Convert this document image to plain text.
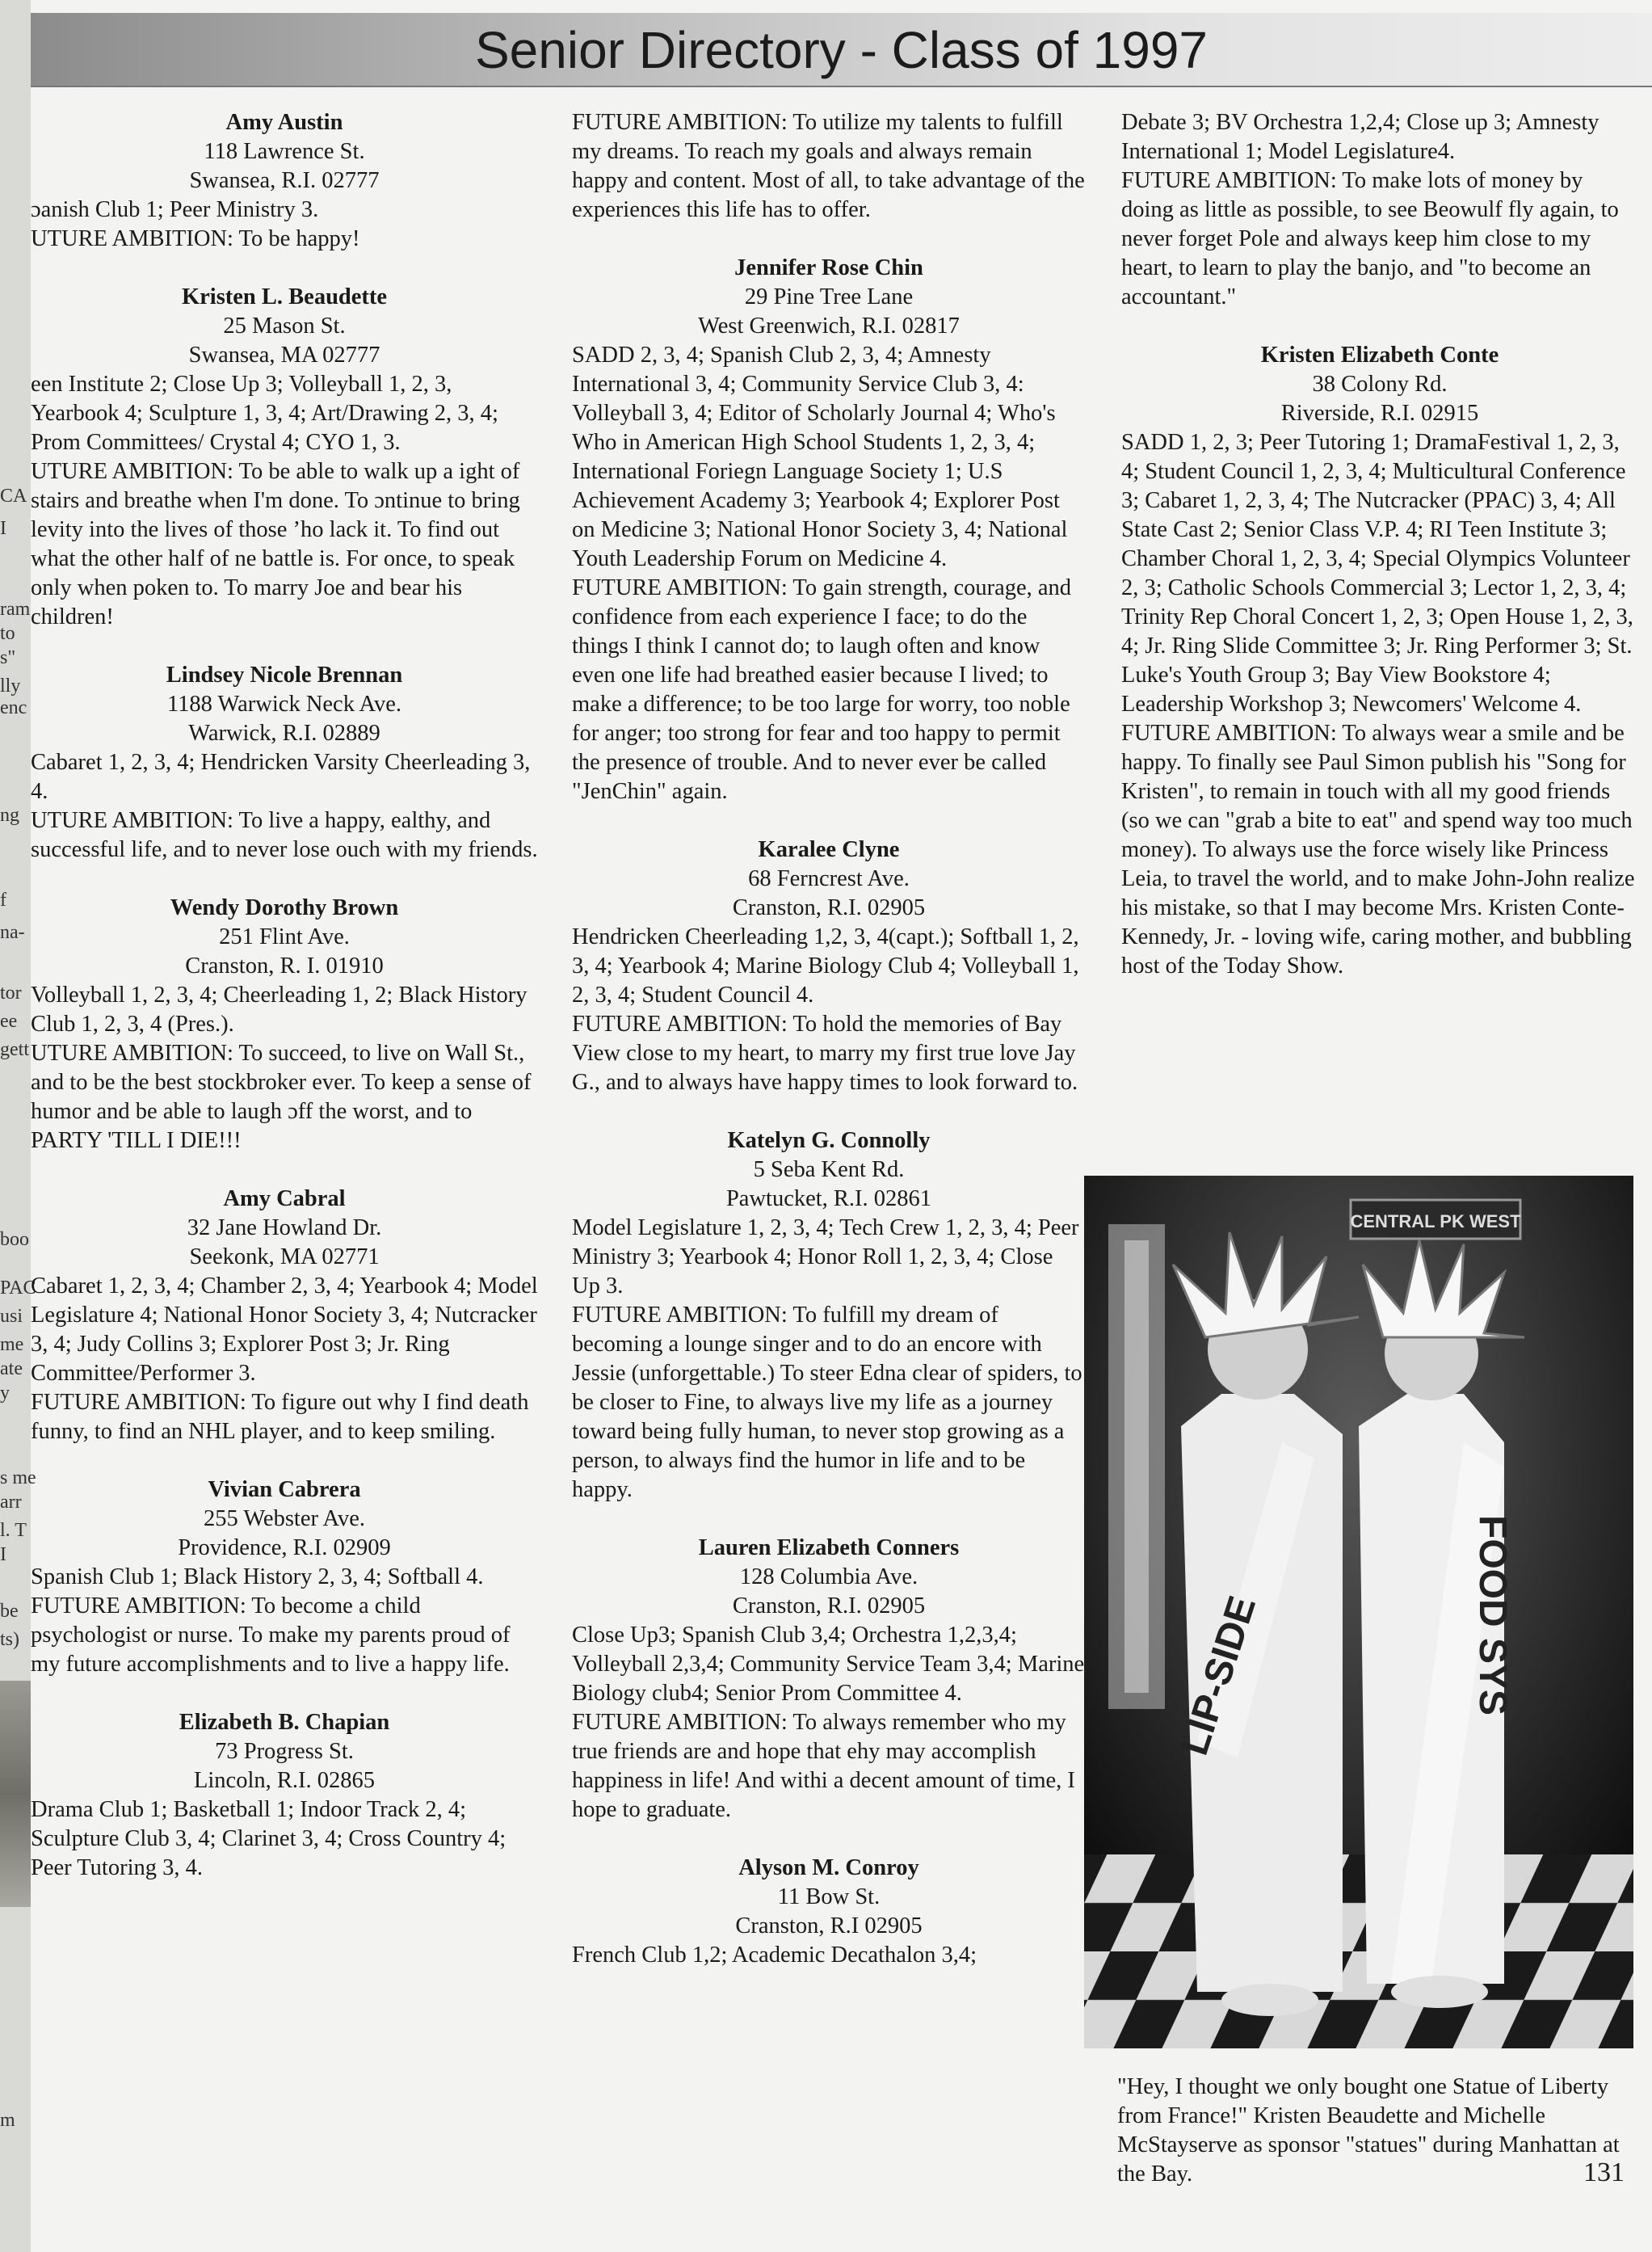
CA
I
ram
to
s"
lly
enc
ng
f
na-
tor
ee
gett
boo
PAC
usi
me
ate
y
s me
arr
l. T
I
be
ts)
m
Senior Directory - Class of 1997
Amy Austin
118 Lawrence St.
Swansea, R.I. 02777

ɔanish Club 1; Peer Ministry 3.

UTURE AMBITION: To be happy!

Kristen L. Beaudette
25 Mason St.
Swansea, MA 02777

een Institute 2; Close Up 3; Volleyball 1, 2, 3, Yearbook 4; Sculpture 1, 3, 4; Art/Drawing 2, 3, 4; Prom Committees/ Crystal 4; CYO 1, 3.

UTURE AMBITION: To be able to walk up a ight of stairs and breathe when I'm done. To ɔntinue to bring levity into the lives of those ʼho lack it. To find out what the other half of ne battle is. For once, to speak only when poken to. To marry Joe and bear his children!

Lindsey Nicole Brennan
1188 Warwick Neck Ave.
Warwick, R.I. 02889

Cabaret 1, 2, 3, 4; Hendricken Varsity Cheerleading 3, 4.

UTURE AMBITION: To live a happy, ealthy, and successful life, and to never lose ouch with my friends.

Wendy Dorothy Brown
251 Flint Ave.
Cranston, R. I. 01910

Volleyball 1, 2, 3, 4; Cheerleading 1, 2; Black History Club 1, 2, 3, 4 (Pres.).

UTURE AMBITION: To succeed, to live on Wall St., and to be the best stockbroker ever. To keep a sense of humor and be able to laugh ɔff the worst, and to PARTY 'TILL I DIE!!!

Amy Cabral
32 Jane Howland Dr.
Seekonk, MA 02771

Cabaret 1, 2, 3, 4; Chamber 2, 3, 4; Yearbook 4; Model Legislature 4; National Honor Society 3, 4; Nutcracker 3, 4; Judy Collins 3; Explorer Post 3; Jr. Ring Committee/Performer 3.

FUTURE AMBITION: To figure out why I find death funny, to find an NHL player, and to keep smiling.

Vivian Cabrera
255 Webster Ave.
Providence, R.I. 02909

Spanish Club 1; Black History 2, 3, 4; Softball 4.

FUTURE AMBITION: To become a child psychologist or nurse. To make my parents proud of my future accomplishments and to live a happy life.

Elizabeth B. Chapian
73 Progress St.
Lincoln, R.I. 02865

Drama Club 1; Basketball 1; Indoor Track 2, 4; Sculpture Club 3, 4; Clarinet 3, 4; Cross Country 4; Peer Tutoring 3, 4.

FUTURE AMBITION: To utilize my talents to fulfill my dreams. To reach my goals and always remain happy and content. Most of all, to take advantage of the experiences this life has to offer.

Jennifer Rose Chin
29 Pine Tree Lane
West Greenwich, R.I. 02817

SADD 2, 3, 4; Spanish Club 2, 3, 4; Amnesty International 3, 4; Community Service Club 3, 4: Volleyball 3, 4; Editor of Scholarly Journal 4; Who's Who in American High School Students 1, 2, 3, 4; International Foriegn Language Society 1; U.S Achievement Academy 3; Yearbook 4; Explorer Post on Medicine 3; National Honor Society 3, 4; National Youth Leadership Forum on Medicine 4.

FUTURE AMBITION: To gain strength, courage, and confidence from each experience I face; to do the things I think I cannot do; to laugh often and know even one life had breathed easier because I lived; to make a difference; to be too large for worry, too noble for anger; too strong for fear and too happy to permit the presence of trouble. And to never ever be called "JenChin" again.

Karalee Clyne
68 Ferncrest Ave.
Cranston, R.I. 02905

Hendricken Cheerleading 1,2, 3, 4(capt.); Softball 1, 2, 3, 4; Yearbook 4; Marine Biology Club 4; Volleyball 1, 2, 3, 4; Student Council 4.

FUTURE AMBITION: To hold the memories of Bay View close to my heart, to marry my first true love Jay G., and to always have happy times to look forward to.

Katelyn G. Connolly
5 Seba Kent Rd.
Pawtucket, R.I. 02861

Model Legislature 1, 2, 3, 4; Tech Crew 1, 2, 3, 4; Peer Ministry 3; Yearbook 4; Honor Roll 1, 2, 3, 4; Close Up 3.

FUTURE AMBITION: To fulfill my dream of becoming a lounge singer and to do an encore with Jessie (unforgettable.) To steer Edna clear of spiders, to be closer to Fine, to always live my life as a journey toward being fully human, to never stop growing as a person, to always find the humor in life and to be happy.

Lauren Elizabeth Conners
128 Columbia Ave.
Cranston, R.I. 02905

Close Up3; Spanish Club 3,4; Orchestra 1,2,3,4; Volleyball 2,3,4; Community Service Team 3,4; Marine Biology club4; Senior Prom Committee 4.

FUTURE AMBITION: To always remember who my true friends are and hope that ehy may accomplish happiness in life! And withi a decent amount of time, I hope to graduate.

Alyson M. Conroy
11 Bow St.
Cranston, R.I 02905

French Club 1,2; Academic Decathalon 3,4;

Debate 3; BV Orchestra 1,2,4; Close up 3; Amnesty International 1; Model Legislature4.

FUTURE AMBITION: To make lots of money by doing as little as possible, to see Beowulf fly again, to never forget Pole and always keep him close to my heart, to learn to play the banjo, and "to become an accountant."

Kristen Elizabeth Conte
38 Colony Rd.
Riverside, R.I. 02915

SADD 1, 2, 3; Peer Tutoring 1; DramaFestival 1, 2, 3, 4; Student Council 1, 2, 3, 4; Multicultural Conference 3; Cabaret 1, 2, 3, 4; The Nutcracker (PPAC) 3, 4; All State Cast 2; Senior Class V.P. 4; RI Teen Institute 3; Chamber Choral 1, 2, 3, 4; Special Olympics Volunteer 2, 3; Catholic Schools Commercial 3; Lector 1, 2, 3, 4; Trinity Rep Choral Concert 1, 2, 3; Open House 1, 2, 3, 4; Jr. Ring Slide Committee 3; Jr. Ring Performer 3; St. Luke's Youth Group 3; Bay View Bookstore 4; Leadership Workshop 3; Newcomers' Welcome 4.

FUTURE AMBITION: To always wear a smile and be happy. To finally see Paul Simon publish his "Song for Kristen", to remain in touch with all my good friends (so we can "grab a bite to eat" and spend way too much money). To always use the force wisely like Princess Leia, to travel the world, and to make John-John realize his mistake, so that I may become Mrs. Kristen Conte-Kennedy, Jr. - loving wife, caring mother, and bubbling host of the Today Show.

CENTRAL PK WEST
LIP-SIDE	FOOD SYS
"Hey, I thought we only bought one Statue of Liberty from France!" Kristen Beaudette and Michelle McStayserve as sponsor "statues" during Manhattan at the Bay.	131
